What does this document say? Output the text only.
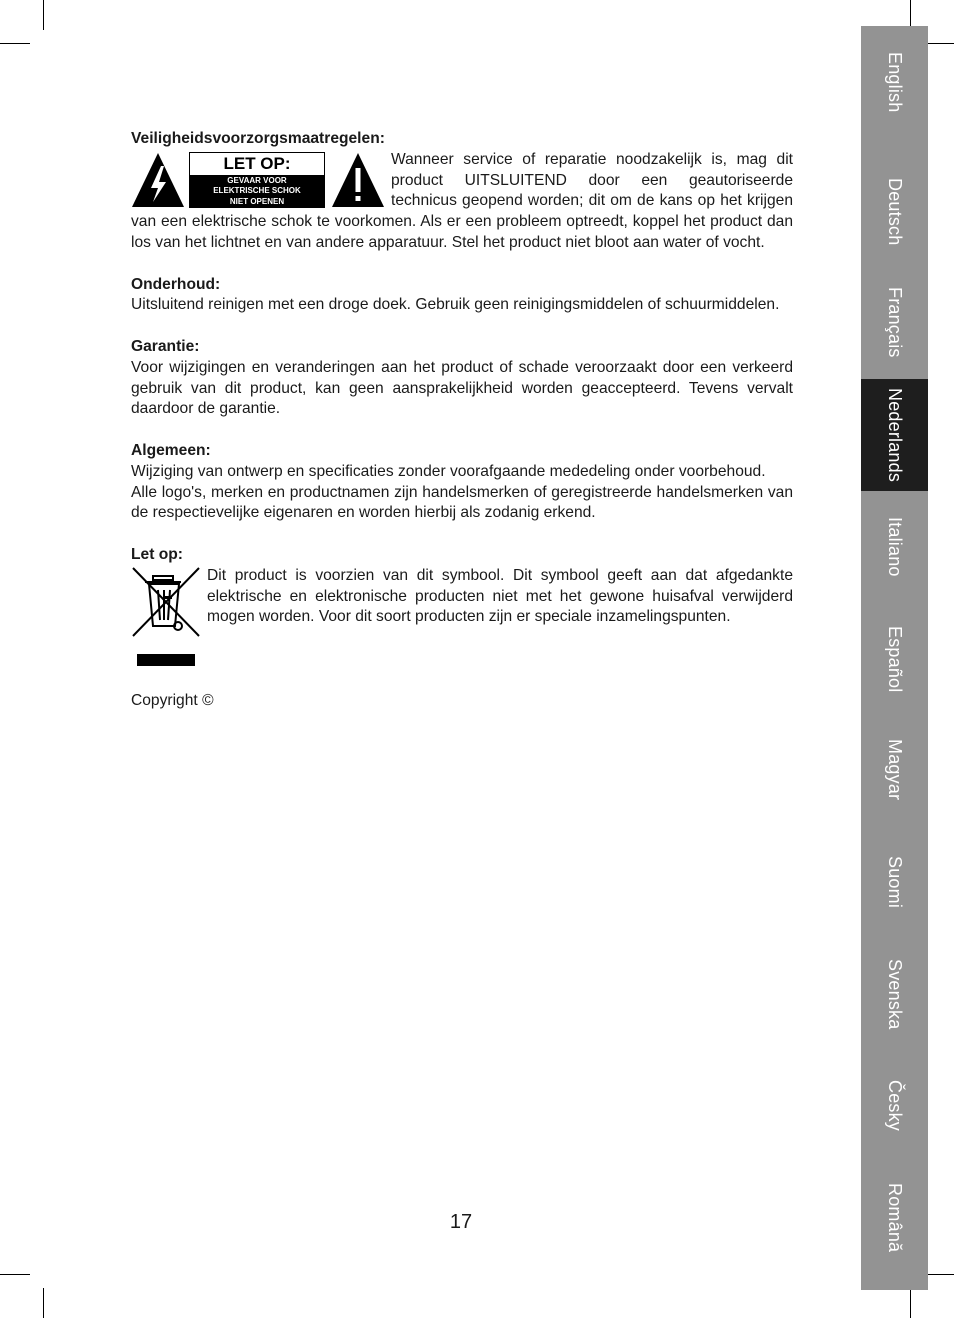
Veiligheidsvoorzorgsmaatregelen:
LET OP:
GEVAAR VOOR
ELEKTRISCHE SCHOK
NIET OPENEN

Wanneer service of reparatie noodzakelijk is, mag dit product UITSLUITEND door een geautoriseerde technicus geopend worden; dit om de kans op het krijgen van een elektrische schok te voorkomen. Als er een probleem optreedt, koppel het product dan los van het lichtnet en van andere apparatuur. Stel het product niet bloot aan water of vocht.

Onderhoud:

Uitsluitend reinigen met een droge doek. Gebruik geen reinigingsmiddelen of schuurmiddelen.

Garantie:

Voor wijzigingen en veranderingen aan het product of schade veroorzaakt door een verkeerd gebruik van dit product, kan geen aansprakelijkheid worden geaccepteerd. Tevens vervalt daardoor de garantie.

Algemeen:

Wijziging van ontwerp en specificaties zonder voorafgaande mededeling onder voorbehoud.

Alle logo's, merken en productnamen zijn handelsmerken of geregistreerde handelsmerken van de respectievelijke eigenaren en worden hierbij als zodanig erkend.

Let op:

Dit product is voorzien van dit symbool. Dit symbool geeft aan dat afgedankte elektrische en elektronische producten niet met het gewone huisafval verwijderd mogen worden. Voor dit soort producten zijn er speciale inzamelingspunten.

Copyright ©

17
English
Deutsch
Français
Nederlands
Italiano
Español
Magyar
Suomi
Svenska
Česky
Română
